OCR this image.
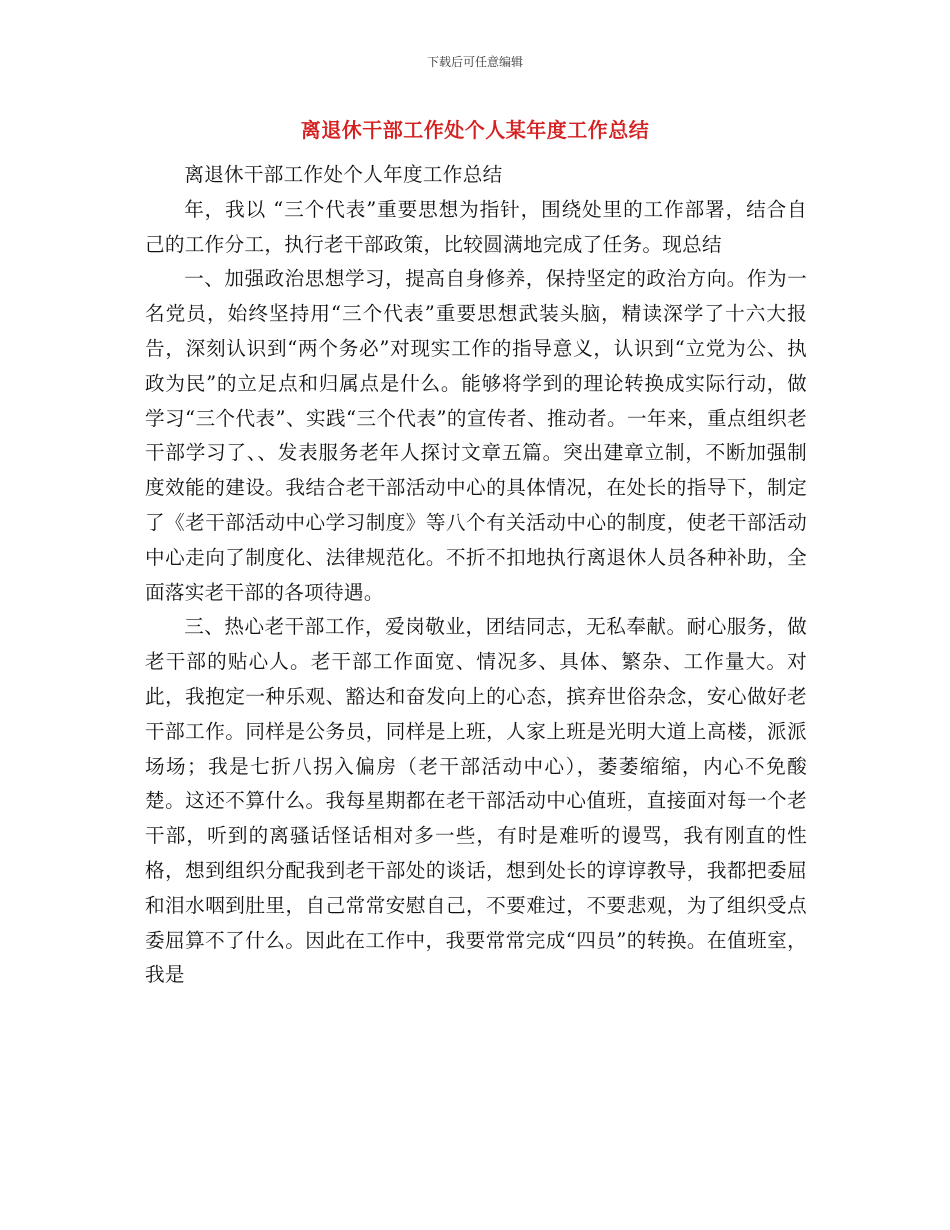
下载后可任意编辑
离退休干部工作处个人某年度工作总结

离退休干部工作处个人年度工作总结

年，我以 “三个代表”重要思想为指针，围绕处里的工作部署，结合自己的工作分工，执行老干部政策，比较圆满地完成了任务。现总结

一、加强政治思想学习，提高自身修养，保持坚定的政治方向。作为一名党员，始终坚持用“三个代表”重要思想武装头脑，精读深学了十六大报告，深刻认识到“两个务必”对现实工作的指导意义，认识到“立党为公、执政为民”的立足点和归属点是什么。能够将学到的理论转换成实际行动，做学习“三个代表”、实践“三个代表”的宣传者、推动者。一年来，重点组织老干部学习了、、发表服务老年人探讨文章五篇。突出建章立制，不断加强制度效能的建设。我结合老干部活动中心的具体情况，在处长的指导下，制定了《老干部活动中心学习制度》等八个有关活动中心的制度，使老干部活动中心走向了制度化、法律规范化。不折不扣地执行离退休人员各种补助，全面落实老干部的各项待遇。

三、热心老干部工作，爱岗敬业，团结同志，无私奉献。耐心服务，做老干部的贴心人。老干部工作面宽、情况多、具体、繁杂、工作量大。对此，我抱定一种乐观、豁达和奋发向上的心态，摈弃世俗杂念，安心做好老干部工作。同样是公务员，同样是上班，人家上班是光明大道上高楼，派派场场；我是七折八拐入偏房（老干部活动中心），萎萎缩缩，内心不免酸楚。这还不算什么。我每星期都在老干部活动中心值班，直接面对每一个老干部，听到的离骚话怪话相对多一些，有时是难听的谩骂，我有刚直的性格，想到组织分配我到老干部处的谈话，想到处长的谆谆教导，我都把委屈和泪水咽到肚里，自己常常安慰自己，不要难过，不要悲观，为了组织受点委屈算不了什么。因此在工作中，我要常常完成“四员”的转换。在值班室，我是
